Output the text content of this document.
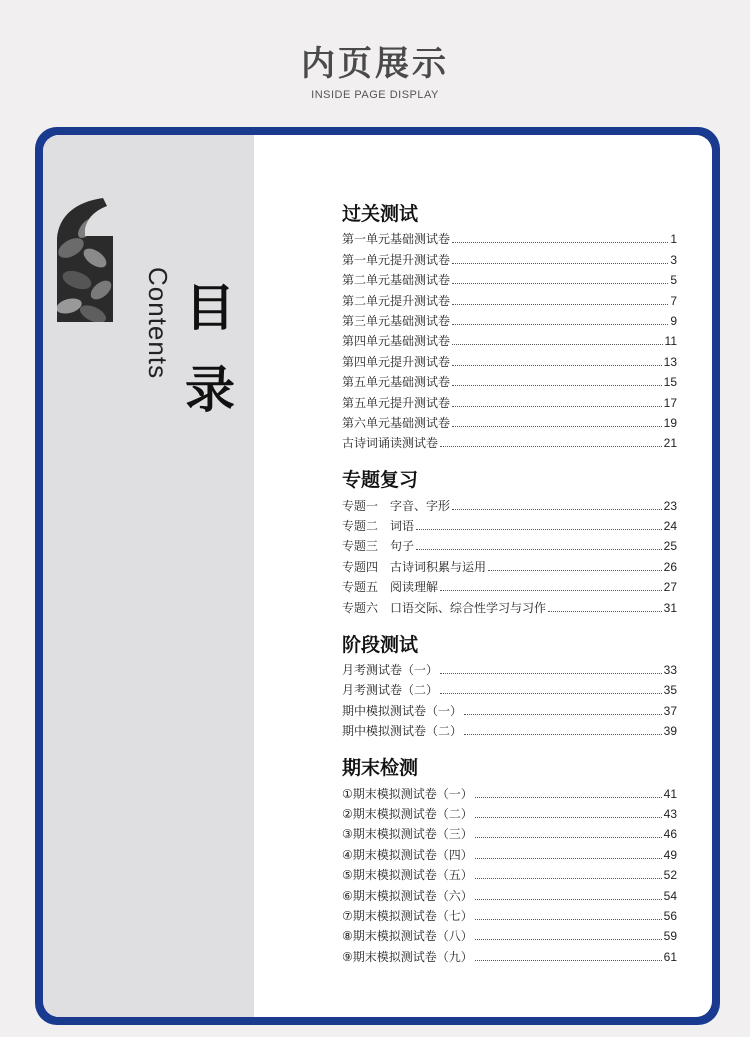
内页展示
INSIDE PAGE DISPLAY
Contents 目
录
过关测试
第一单元基础测试卷	1
第一单元提升测试卷	3
第二单元基础测试卷	5
第二单元提升测试卷	7
第三单元基础测试卷	9
第四单元基础测试卷	11
第四单元提升测试卷	13
第五单元基础测试卷	15
第五单元提升测试卷	17
第六单元基础测试卷	19
古诗词诵读测试卷	21
专题复习
专题一　字音、字形	23
专题二　词语	24
专题三　句子	25
专题四　古诗词积累与运用	26
专题五　阅读理解	27
专题六　口语交际、综合性学习与习作	31
阶段测试
月考测试卷（一）	33
月考测试卷（二）	35
期中模拟测试卷（一）	37
期中模拟测试卷（二）	39
期末检测
①期末模拟测试卷（一）	41
②期末模拟测试卷（二）	43
③期末模拟测试卷（三）	46
④期末模拟测试卷（四）	49
⑤期末模拟测试卷（五）	52
⑥期末模拟测试卷（六）	54
⑦期末模拟测试卷（七）	56
⑧期末模拟测试卷（八）	59
⑨期末模拟测试卷（九）	61
